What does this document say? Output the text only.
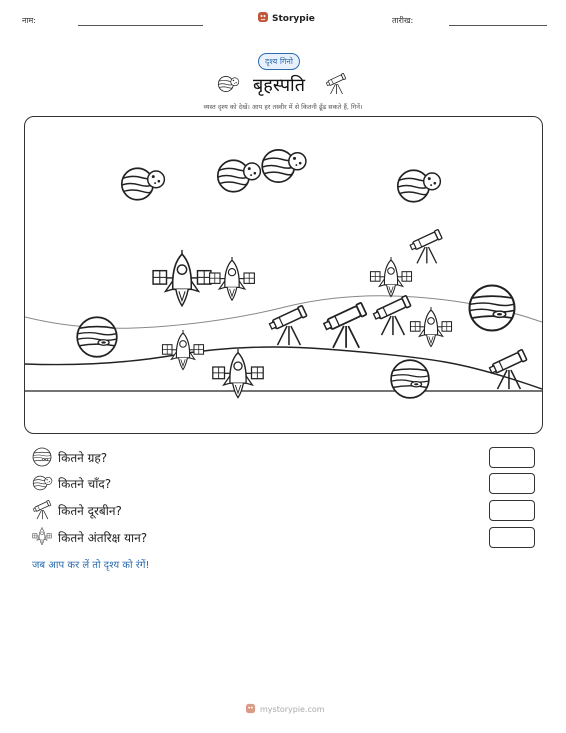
नाम:	Storypie	तारीख:
दृश्य गिनो
बृहस्पति
व्यस्त दृश्य को देखें। आप हर तस्वीर में से कितनी ढूँढ सकते हैं, गिनें।
कितने ग्रह?
कितने चाँद?
कितने दूरबीन?
कितने अंतरिक्ष यान?
जब आप कर लें तो दृश्य को रंगें!
mystorypie.com
